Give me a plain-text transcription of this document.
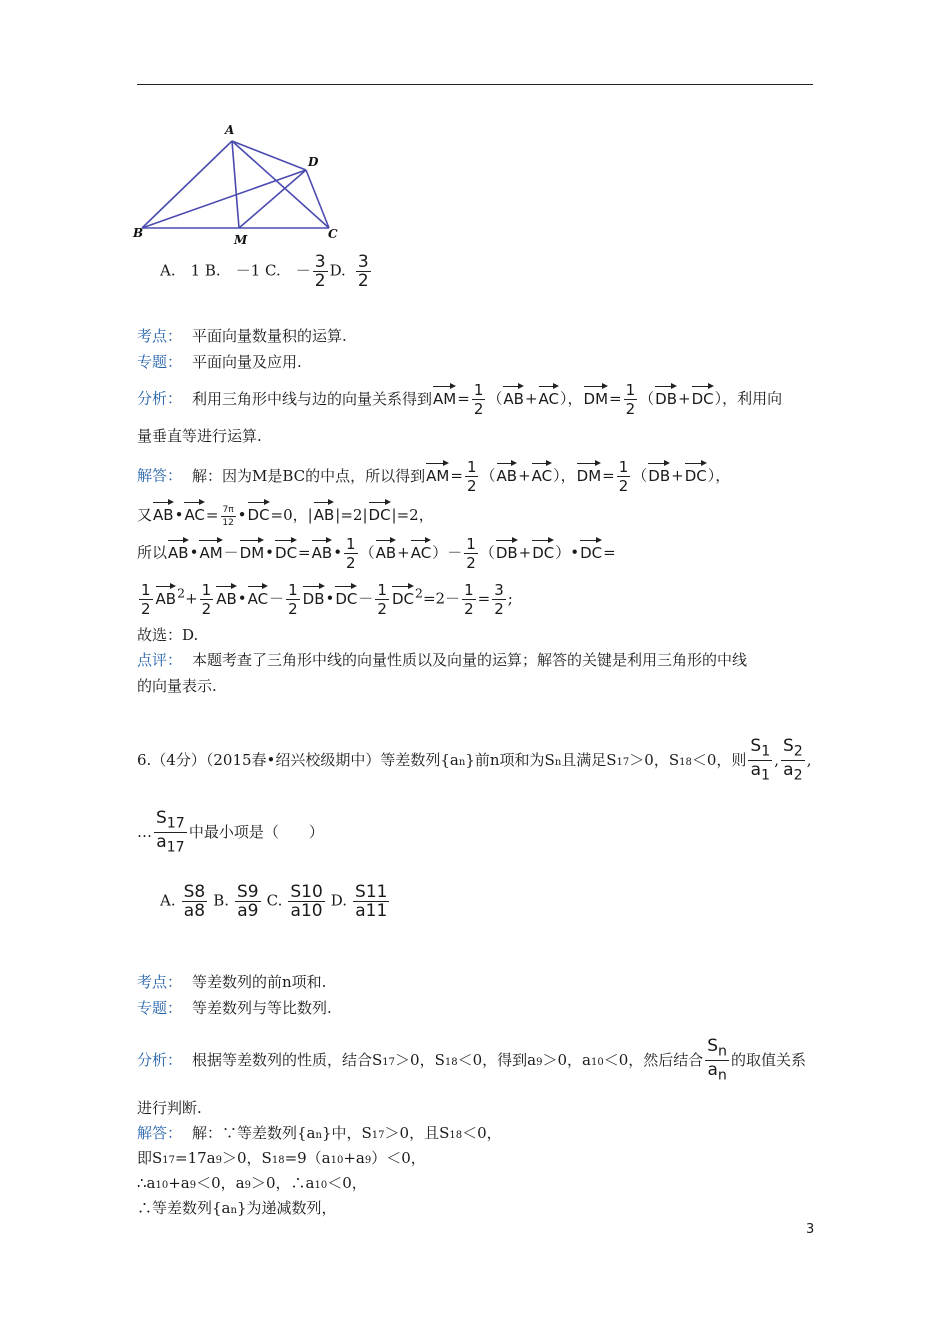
A
B	C
D
M
A.　1 B.　－1 C.　－ $\frac{3}{2} D$. $\frac{3}{2}$
考点： 平面向量数量积的运算.
专题： 平面向量及应用.
分析： 利用三角形中线与边的向量关系得到$AM= \frac{1}{2} (AB+AC)$，$DM= \frac{1}{2} (DB+DC)$，利用向
量垂直等进行运算.
解答： 解：因为M是BC的中点，所以得到$AM= \frac{1}{2} (AB+AC)$，$DM= \frac{1}{2} (DB+DC)$，
又AB•AC= $\frac{7\pi}{12}$ •DC=0，|AB|=2|DC|=2，
所以AB•AM－DM•DC=AB• $\frac{1}{2} (AB+AC)- \frac{1}{2}$ （DB+DC）•DC=
$\frac{1}{2} AB^2+ \frac{1}{2}$ AB•AC－ $\frac{1}{2}$ DB•DC－ $\frac{1}{2} DC^2=2- \frac{1}{2} = \frac{3}{2}$ ;
故选：D.
点评： 本题考查了三角形中线的向量性质以及向量的运算；解答的关键是利用三角形的中线
的向量表示.
6.（4分）（2015春•绍兴校级期中）等差数列{an}前n项和为Sn且满足S17＞0，S18＜0，则 $\frac{S_1}{a_1}$ , $\frac{S_2}{a_2}$ ,
… $\frac{S_{17}}{a_{17}}$ 中最小项是（　　）
A. $\frac{S8}{a8} B$. $\frac{S9}{a9} C$. $\frac{S10}{a10} D$. $\frac{S11}{a11}$
考点： 等差数列的前n项和.
专题： 等差数列与等比数列.
分析： 根据等差数列的性质，结合S17＞0，S18＜0，得到a9＞0，a10＜0，然后结合 $\frac{S_n}{a_n}$ 的取值关系
进行判断.
解答： 解：∵等差数列{an}中，S17＞0，且S18＜0，
即S17=17a9＞0，S18=9（a10+a9）＜0，
∴a10+a9＜0，a9＞0，∴a10＜0，
∴等差数列{an}为递减数列，
3
